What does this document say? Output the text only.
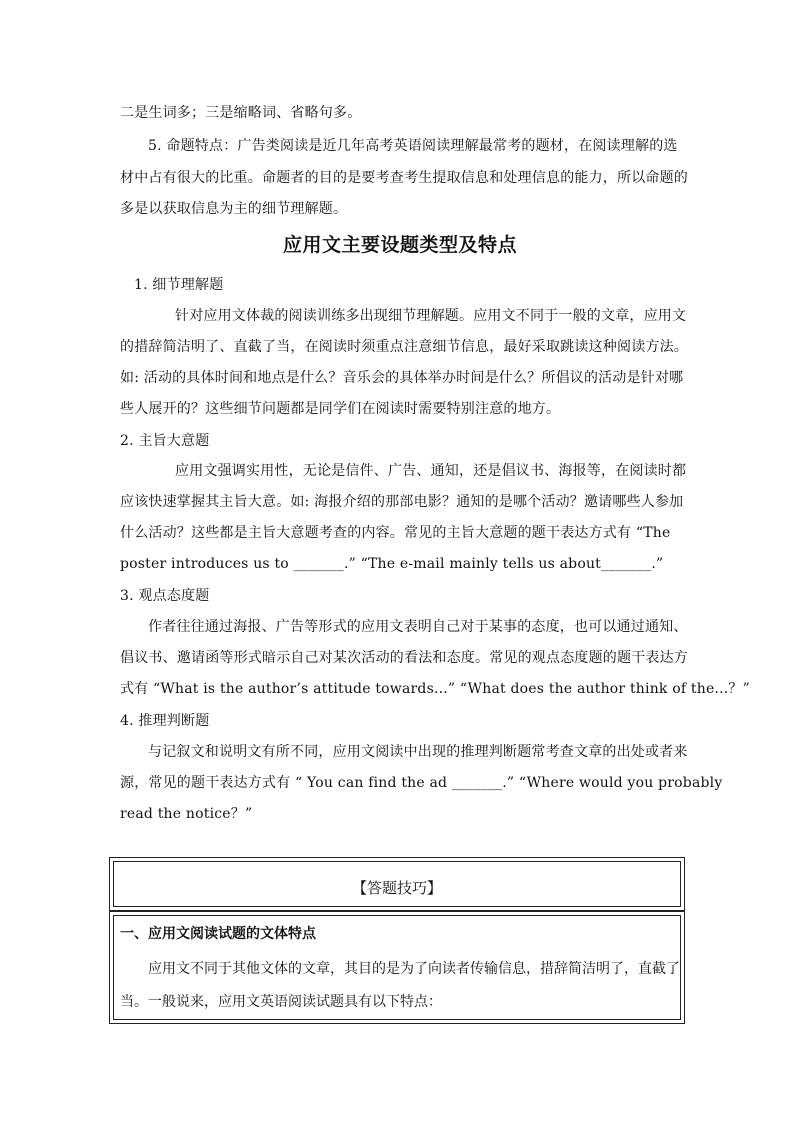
二是生词多；三是缩略词、省略句多。
5. 命题特点：广告类阅读是近几年高考英语阅读理解最常考的题材，在阅读理解的选
材中占有很大的比重。命题者的目的是要考查考生提取信息和处理信息的能力，所以命题的
多是以获取信息为主的细节理解题。
应用文主要设题类型及特点
1. 细节理解题
针对应用文体裁的阅读训练多出现细节理解题。应用文不同于一般的文章，应用文
的措辞简洁明了、直截了当，在阅读时须重点注意细节信息，最好采取跳读这种阅读方法。
如: 活动的具体时间和地点是什么？音乐会的具体举办时间是什么？所倡议的活动是针对哪
些人展开的？这些细节问题都是同学们在阅读时需要特别注意的地方。
2. 主旨大意题
应用文强调实用性，无论是信件、广告、通知，还是倡议书、海报等，在阅读时都
应该快速掌握其主旨大意。如: 海报介绍的那部电影？通知的是哪个活动？邀请哪些人参加
什么活动？这些都是主旨大意题考查的内容。常见的主旨大意题的题干表达方式有 “The
poster introduces us to _______.” “The e-mail mainly tells us about_______.”
3. 观点态度题
作者往往通过海报、广告等形式的应用文表明自己对于某事的态度，也可以通过通知、
倡议书、邀请函等形式暗示自己对某次活动的看法和态度。常见的观点态度题的题干表达方
式有 “What is the author’s attitude towards...” “What does the author think of the...？”
4. 推理判断题
与记叙文和说明文有所不同，应用文阅读中出现的推理判断题常考查文章的出处或者来
源，常见的题干表达方式有 “ You can find the ad _______.” “Where would you probably
read the notice？”
【答题技巧】
一、应用文阅读试题的文体特点
应用文不同于其他文体的文章，其目的是为了向读者传输信息，措辞简洁明了，直截了
当。一般说来，应用文英语阅读试题具有以下特点：
